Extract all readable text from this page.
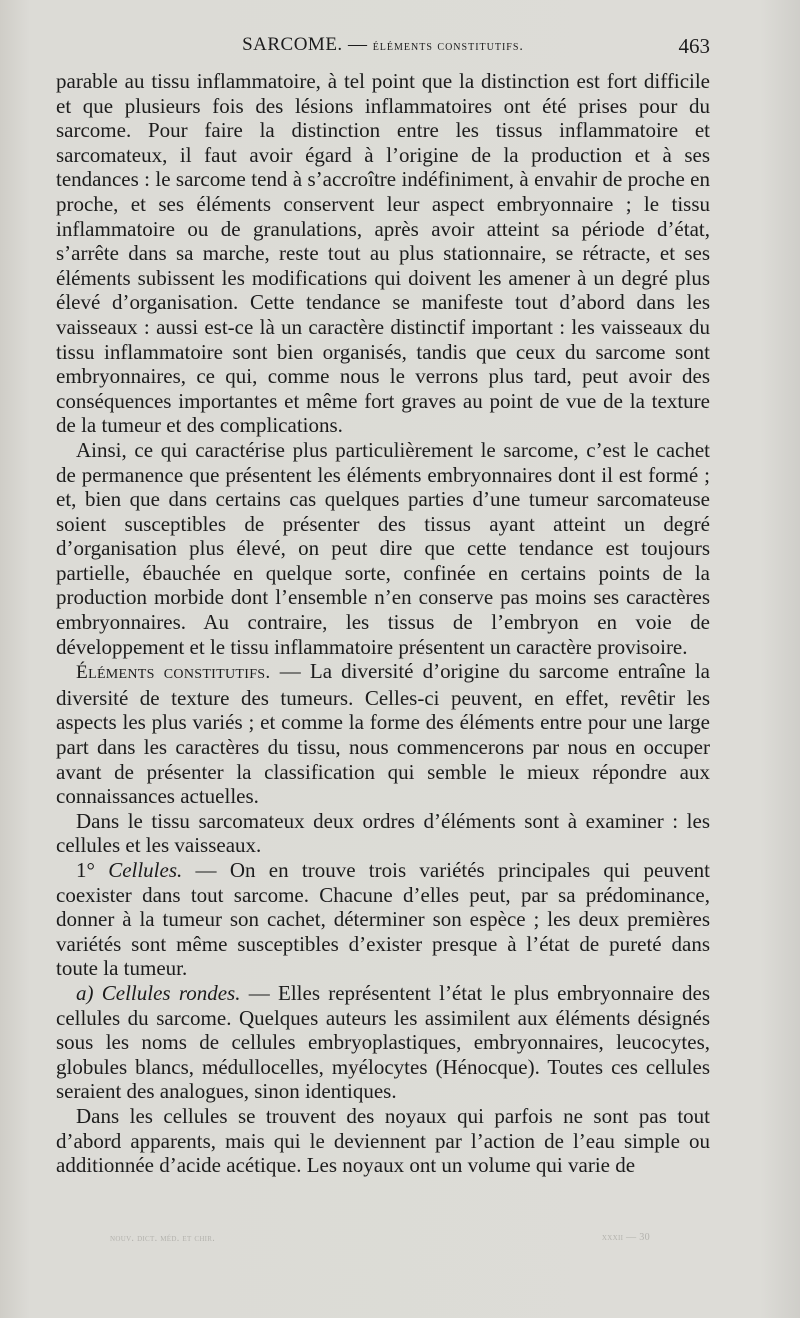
SARCOME. — éléments constitutifs.	463

parable au tissu inflammatoire, à tel point que la distinction est fort difficile et que plusieurs fois des lésions inflammatoires ont été prises pour du sarcome. Pour faire la distinction entre les tissus inflammatoire et sarcomateux, il faut avoir égard à l’origine de la production et à ses tendances : le sarcome tend à s’accroître indéfiniment, à envahir de proche en proche, et ses éléments conservent leur aspect embryonnaire ; le tissu inflammatoire ou de granulations, après avoir atteint sa période d’état, s’arrête dans sa marche, reste tout au plus stationnaire, se rétracte, et ses éléments subissent les modifications qui doivent les amener à un degré plus élevé d’organisation. Cette tendance se manifeste tout d’abord dans les vaisseaux : aussi est-ce là un caractère distinctif important : les vaisseaux du tissu inflammatoire sont bien organisés, tandis que ceux du sarcome sont embryonnaires, ce qui, comme nous le verrons plus tard, peut avoir des conséquences importantes et même fort graves au point de vue de la texture de la tumeur et des complications.

Ainsi, ce qui caractérise plus particulièrement le sarcome, c’est le cachet de permanence que présentent les éléments embryonnaires dont il est formé ; et, bien que dans certains cas quelques parties d’une tumeur sarcomateuse soient susceptibles de présenter des tissus ayant atteint un degré d’organisation plus élevé, on peut dire que cette tendance est toujours partielle, ébauchée en quelque sorte, confinée en certains points de la production morbide dont l’ensemble n’en conserve pas moins ses caractères embryonnaires. Au contraire, les tissus de l’embryon en voie de développement et le tissu inflammatoire présentent un caractère provisoire.

Éléments constitutifs. — La diversité d’origine du sarcome entraîne la diversité de texture des tumeurs. Celles-ci peuvent, en effet, revêtir les aspects les plus variés ; et comme la forme des éléments entre pour une large part dans les caractères du tissu, nous commencerons par nous en occuper avant de présenter la classification qui semble le mieux répondre aux connaissances actuelles.

Dans le tissu sarcomateux deux ordres d’éléments sont à examiner : les cellules et les vaisseaux.

1° Cellules. — On en trouve trois variétés principales qui peuvent coexister dans tout sarcome. Chacune d’elles peut, par sa prédominance, donner à la tumeur son cachet, déterminer son espèce ; les deux premières variétés sont même susceptibles d’exister presque à l’état de pureté dans toute la tumeur.

a) Cellules rondes. — Elles représentent l’état le plus embryonnaire des cellules du sarcome. Quelques auteurs les assimilent aux éléments désignés sous les noms de cellules embryoplastiques, embryonnaires, leucocytes, globules blancs, médullocelles, myélocytes (Hénocque). Toutes ces cellules seraient des analogues, sinon identiques.

Dans les cellules se trouvent des noyaux qui parfois ne sont pas tout d’abord apparents, mais qui le deviennent par l’action de l’eau simple ou additionnée d’acide acétique. Les noyaux ont un volume qui varie de

nouv. dict. méd. et chir.	xxxii — 30
